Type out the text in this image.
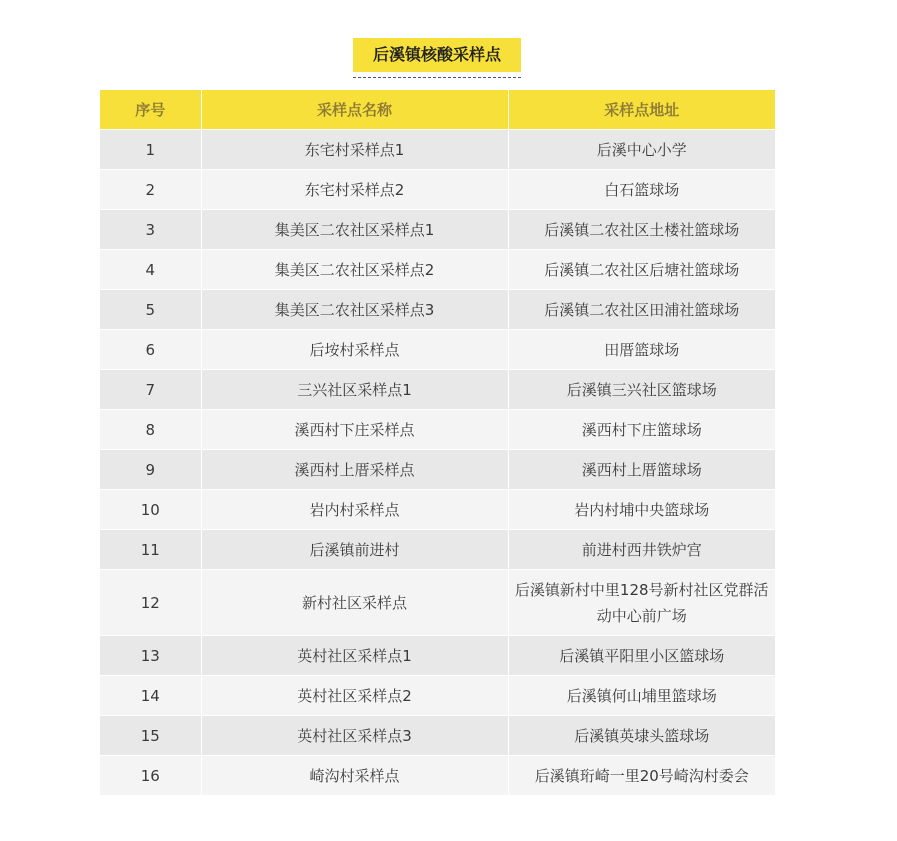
后溪镇核酸采样点
序号	采样点名称	采样点地址
1	东宅村采样点1	后溪中心小学
2	东宅村采样点2	白石篮球场
3	集美区二农社区采样点1	后溪镇二农社区土楼社篮球场
4	集美区二农社区采样点2	后溪镇二农社区后塘社篮球场
5	集美区二农社区采样点3	后溪镇二农社区田浦社篮球场
6	后垵村采样点	田厝篮球场
7	三兴社区采样点1	后溪镇三兴社区篮球场
8	溪西村下庄采样点	溪西村下庄篮球场
9	溪西村上厝采样点	溪西村上厝篮球场
10	岩内村采样点	岩内村埔中央篮球场
11	后溪镇前进村	前进村西井铁炉宫
12	新村社区采样点	后溪镇新村中里128号新村社区党群活动中心前广场
13	英村社区采样点1	后溪镇平阳里小区篮球场
14	英村社区采样点2	后溪镇何山埔里篮球场
15	英村社区采样点3	后溪镇英埭头篮球场
16	崎沟村采样点	后溪镇珩崎一里20号崎沟村委会
